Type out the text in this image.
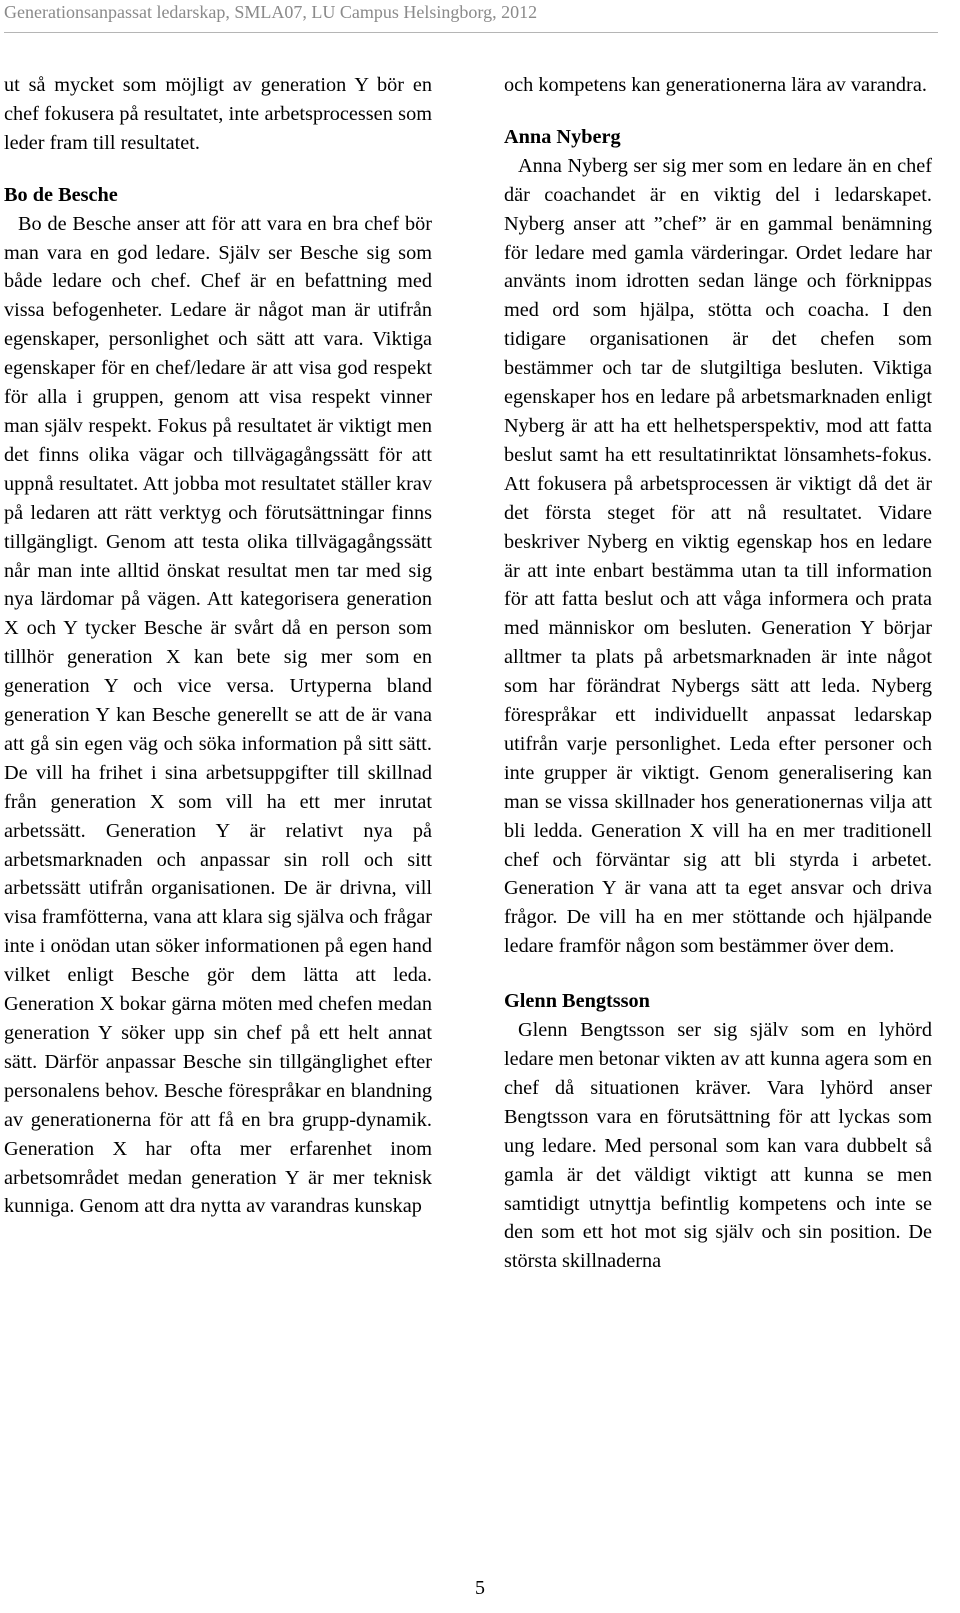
Generationsanpassat ledarskap, SMLA07, LU Campus Helsingborg, 2012

ut så mycket som möjligt av generation Y bör en chef fokusera på resultatet, inte arbetsprocessen som leder fram till resultatet.

Bo de Besche

Bo de Besche anser att för att vara en bra chef bör man vara en god ledare. Själv ser Besche sig som både ledare och chef. Chef är en befattning med vissa befogenheter. Ledare är något man är utifrån egenskaper, personlighet och sätt att vara. Viktiga egenskaper för en chef/ledare är att visa god respekt för alla i gruppen, genom att visa respekt vinner man själv respekt. Fokus på resultatet är viktigt men det finns olika vägar och tillvägagångssätt för att uppnå resultatet. Att jobba mot resultatet ställer krav på ledaren att rätt verktyg och förutsättningar finns tillgängligt. Genom att testa olika tillvägagångssätt når man inte alltid önskat resultat men tar med sig nya lärdomar på vägen. Att kategorisera generation X och Y tycker Besche är svårt då en person som tillhör generation X kan bete sig mer som en generation Y och vice versa. Urtyperna bland generation Y kan Besche generellt se att de är vana att gå sin egen väg och söka information på sitt sätt. De vill ha frihet i sina arbetsuppgifter till skillnad från generation X som vill ha ett mer inrutat arbetssätt. Generation Y är relativt nya på arbetsmarknaden och anpassar sin roll och sitt arbetssätt utifrån organisationen. De är drivna, vill visa framfötterna, vana att klara sig själva och frågar inte i onödan utan söker informationen på egen hand vilket enligt Besche gör dem lätta att leda. Generation X bokar gärna möten med chefen medan generation Y söker upp sin chef på ett helt annat sätt. Därför anpassar Besche sin tillgänglighet efter personalens behov. Besche förespråkar en blandning av generationerna för att få en bra grupp-dynamik. Generation X har ofta mer erfarenhet inom arbetsområdet medan generation Y är mer teknisk kunniga. Genom att dra nytta av varandras kunskap

och kompetens kan generationerna lära av varandra.

Anna Nyberg

Anna Nyberg ser sig mer som en ledare än en chef där coachandet är en viktig del i ledarskapet. Nyberg anser att ”chef” är en gammal benämning för ledare med gamla värderingar. Ordet ledare har använts inom idrotten sedan länge och förknippas med ord som hjälpa, stötta och coacha. I den tidigare organisationen är det chefen som bestämmer och tar de slutgiltiga besluten. Viktiga egenskaper hos en ledare på arbetsmarknaden enligt Nyberg är att ha ett helhetsperspektiv, mod att fatta beslut samt ha ett resultatinriktat lönsamhets-fokus. Att fokusera på arbetsprocessen är viktigt då det är det första steget för att nå resultatet. Vidare beskriver Nyberg en viktig egenskap hos en ledare är att inte enbart bestämma utan ta till information för att fatta beslut och att våga informera och prata med människor om besluten. Generation Y börjar alltmer ta plats på arbetsmarknaden är inte något som har förändrat Nybergs sätt att leda. Nyberg förespråkar ett individuellt anpassat ledarskap utifrån varje personlighet. Leda efter personer och inte grupper är viktigt. Genom generalisering kan man se vissa skillnader hos generationernas vilja att bli ledda. Generation X vill ha en mer traditionell chef och förväntar sig att bli styrda i arbetet. Generation Y är vana att ta eget ansvar och driva frågor. De vill ha en mer stöttande och hjälpande ledare framför någon som bestämmer över dem.

Glenn Bengtsson

Glenn Bengtsson ser sig själv som en lyhörd ledare men betonar vikten av att kunna agera som en chef då situationen kräver. Vara lyhörd anser Bengtsson vara en förutsättning för att lyckas som ung ledare. Med personal som kan vara dubbelt så gamla är det väldigt viktigt att kunna se men samtidigt utnyttja befintlig kompetens och inte se den som ett hot mot sig själv och sin position. De största skillnaderna

5
